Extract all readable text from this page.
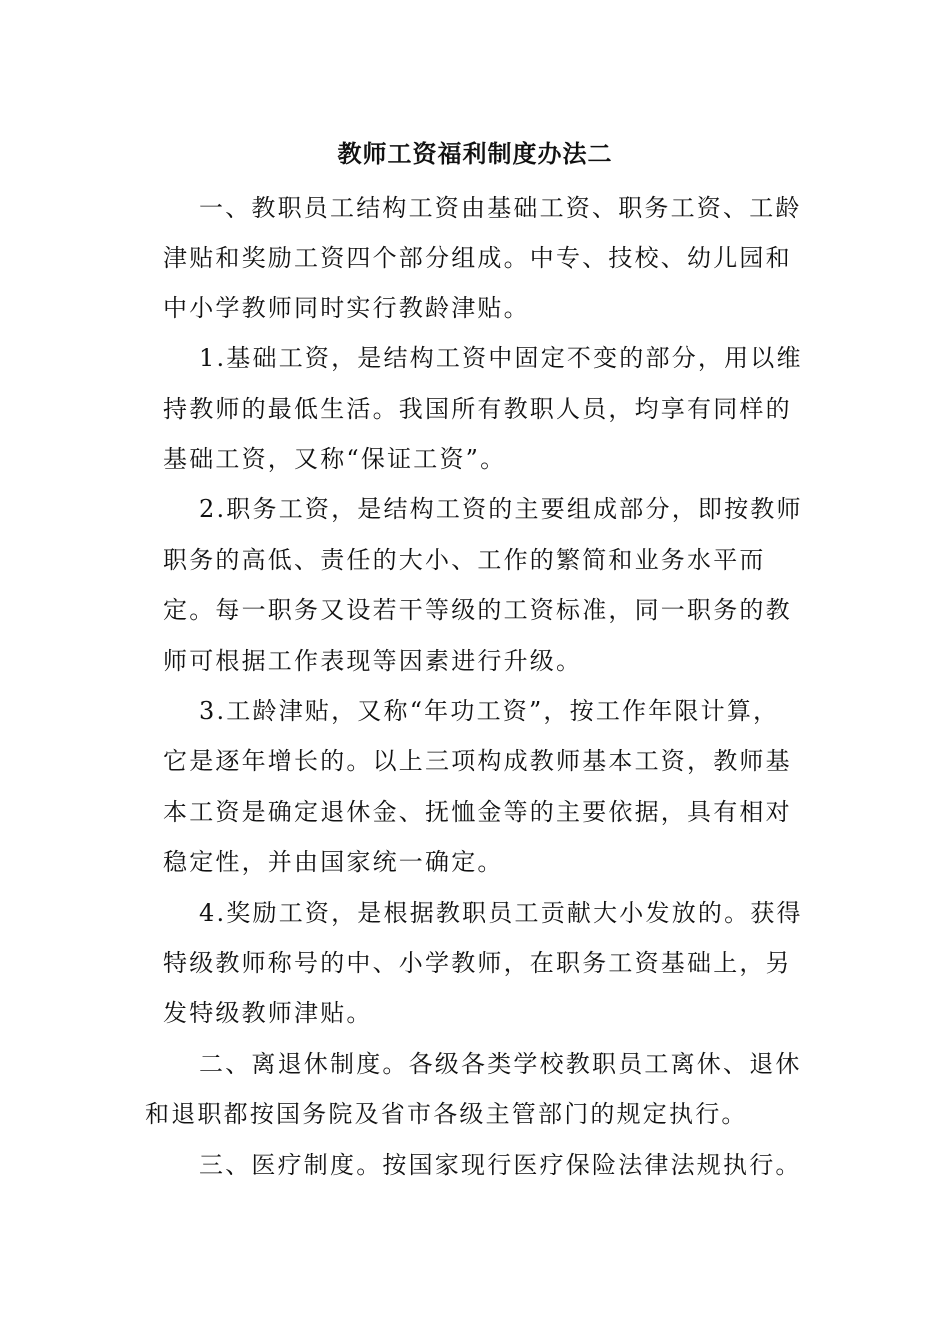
教师工资福利制度办法二
一、教职员工结构工资由基础工资、职务工资、工龄
津贴和奖励工资四个部分组成。中专、技校、幼儿园和
中小学教师同时实行教龄津贴。
1.基础工资，是结构工资中固定不变的部分，用以维
持教师的最低生活。我国所有教职人员，均享有同样的
基础工资，又称“保证工资”。
2.职务工资，是结构工资的主要组成部分，即按教师
职务的高低、责任的大小、工作的繁简和业务水平而
定。每一职务又设若干等级的工资标准，同一职务的教
师可根据工作表现等因素进行升级。
3.工龄津贴，又称“年功工资”，按工作年限计算，
它是逐年增长的。以上三项构成教师基本工资，教师基
本工资是确定退休金、抚恤金等的主要依据，具有相对
稳定性，并由国家统一确定。
4.奖励工资，是根据教职员工贡献大小发放的。获得
特级教师称号的中、小学教师，在职务工资基础上，另
发特级教师津贴。
二、离退休制度。各级各类学校教职员工离休、退休
和退职都按国务院及省市各级主管部门的规定执行。
三、医疗制度。按国家现行医疗保险法律法规执行。
